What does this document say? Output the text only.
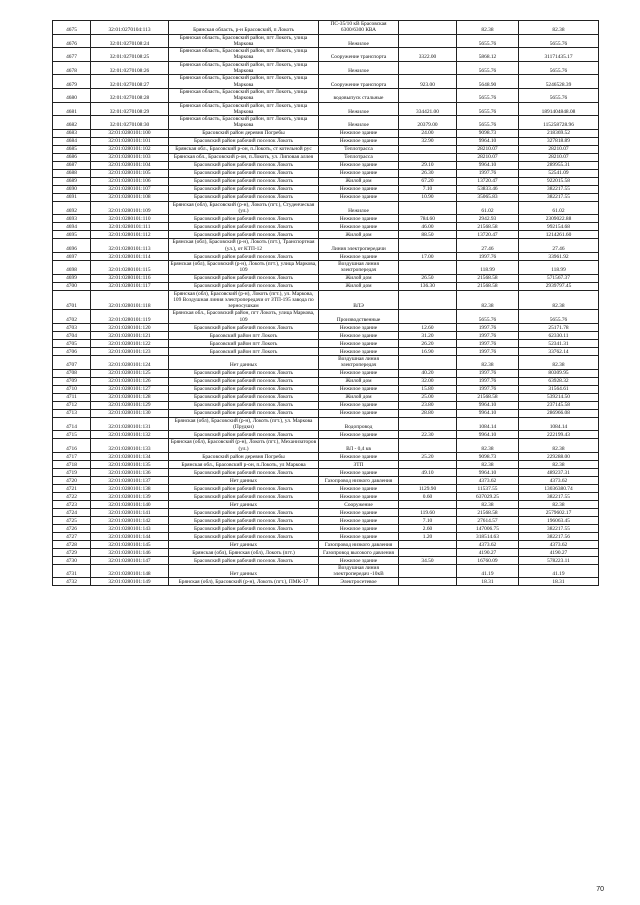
4675	32:01:0270104:113	Брянская область, р-н Брасовский, п Локоть	ПС-35/10 кВ Брасовская 6300/6300 КВА		82.38	82.38
4676	32:01:0270108:24	Брянская область, Брасовский район, пгт Локоть, улица Маркова	Нежилое		5655.76	5655.76
4677	32:01:0270108:25	Брянская область, Брасовский район, пгт Локоть, улица Маркова	Сооружение транспорта	3322.00	5868.12	31171435.17
4678	32:01:0270108:26	Брянская область, Брасовский район, пгт Локоть, улица Маркова	Нежилое		5655.76	5655.76
4679	32:01:0270108:27	Брянская область, Брасовский район, пгт Локоть, улица Маркова	Сооружение транспорта	923.00	5648.90	5246528.39
4680	32:01:0270108:28	Брянская область, Брасовский район, пгт Локоть, улица Маркова	водовыпуск стальные		5655.76	5655.76
4681	32:01:0270108:29	Брянская область, Брасовский район, пгт Локоть, улица Маркова	Нежилое	334421.00	5655.76	1891404848.08
4682	32:01:0270108:30	Брянская область, Брасовский район, пгт Локоть, улица Маркова	Нежилое	20379.00	5655.76	115258728.96
4683	32:01:0280101:100	Брасовский район деревня Погребы	Нежилое здание	24.00	9098.73	218369.52
4684	32:01:0280101:101	Брасовский район рабочий поселок Локоть	Нежилое здание	32.90	9964.10	327818.89
4685	32:01:0280101:102	Брянская обл., Брасовский р-он, п.Локоть, ст котельной рус	Теплотрасса		28210.07	28210.07
4686	32:01:0280101:103	Брянская обл., Брасовский р-он, п.Локоть, ул. Липовая аллея	Теплотрасса		28210.07	28210.07
4687	32:01:0280101:104	Брасовский район рабочий поселок Локоть	Нежилое здание	29.10	9964.10	289955.31
4688	32:01:0280101:105	Брасовский район рабочий поселок Локоть	Нежилое здание	26.30	1997.76	52541.09
4689	32:01:0280101:106	Брасовский район рабочий поселок Локоть	Жилой дом	67.20	13720.47	922015.58
4690	32:01:0280101:107	Брасовский район рабочий поселок Локоть	Нежилое здание	7.10	53833.46	382217.55
4691	32:01:0280101:108	Брасовский район рабочий поселок Локоть	Нежилое здание	10.90	35065.83	382217.55
4692	32:01:0280101:109	Брянская (обл), Брасовский (р-н), Локоть (пгт.), Студенческая (ул.)	Нежилое		61.02	61.02
4693	32:01:0280101:110	Брасовский район рабочий поселок Локоть	Нежилое здание	784.60	2942.93	2309022.88
4694	32:01:0280101:111	Брасовский район рабочий поселок Локоть	Нежилое здание	46.00	21568.58	992154.68
4695	32:01:0280101:112	Брасовский район рабочий поселок Локоть	Жилой дом	88.50	13720.47	1214261.60
4696	32:01:0280101:113	Брянская (обл), Брасовский (р-н), Локоть (пгт.), Транспортная (ул.), от КТП-12	Линия электропередачи		27.46	27.46
4697	32:01:0280101:114	Брасовский район рабочий поселок Локоть	Нежилое здание	17.00	1997.76	33961.92
4698	32:01:0280101:115	Брянская (обл), Брасовский (р-н), Локоть (пгт.), улица Маркова, 109	Воздушная линия электропередач		118.99	118.99
4699	32:01:0280101:116	Брасовский район рабочий поселок Локоть	Жилой дом	26.50	21568.58	571567.37
4700	32:01:0280101:117	Брасовский район рабочий поселок Локоть	Жилой дом	136.30	21568.58	2939797.45
4701	32:01:0280101:118	Брянская (обл), Брасовский (р-н), Локоть (пгт.), ул. Маркова, 109 Воздушная линия электропередачи от ЗТП-195 завода по зерносушкам	ВЛЭ		82.38	82.38
4702	32:01:0280101:119	Брянская обл., Брасовский район, пгт Локоть, улица Маркова, 109	Производственные		5655.76	5655.76
4703	32:01:0280101:120	Брасовский район рабочий поселок Локоть	Нежилое здание	12.60	1997.76	25171.78
4704	32:01:0280101:121	Брасовский район пгт Локоть	Нежилое здание	31.20	1997.76	62330.11
4705	32:01:0280101:122	Брасовский район пгт Локоть	Нежилое здание	26.20	1997.76	52341.31
4706	32:01:0280101:123	Брасовский район пгт Локоть	Нежилое здание	16.90	1997.76	33762.14
4707	32:01:0280101:124	Нет данных	Воздушная линия электропередач		82.38	82.38
4708	32:01:0280101:125	Брасовский район рабочий поселок Локоть	Нежилое здание	40.20	1997.76	80309.95
4709	32:01:0280101:126	Брасовский район рабочий поселок Локоть	Жилой дом	32.00	1997.76	63928.32
4710	32:01:0280101:127	Брасовский район рабочий поселок Локоть	Нежилое здание	15.80	1997.76	31564.61
4711	32:01:0280101:128	Брасовский район рабочий поселок Локоть	Жилой дом	25.00	21568.58	539214.50
4712	32:01:0280101:129	Брасовский район рабочий поселок Локоть	Нежилое здание	23.80	9964.10	237145.58
4713	32:01:0280101:130	Брасовский район рабочий поселок Локоть	Нежилое здание	28.80	9964.10	286966.08
4714	32:01:0280101:131	Брянская (обл), Брасовский (р-н), Локоть (пгт.), ул. Маркова (Прудки)	Водопровод		1084.14	1084.14
4715	32:01:0280101:132	Брасовский район рабочий поселок Локоть	Нежилое здание	22.30	9964.10	222199.43
4716	32:01:0280101:133	Брянская (обл), Брасовский (р-н), Локоть (пгт.), Механизаторов (ул.)	ВЛ - 0,4 кв		82.38	82.38
4717	32:01:0280101:134	Брасовский район деревня Погребы	Нежилое здание	25.20	9098.73	229288.00
4718	32:01:0280101:135	Брянская обл., Брасовский р-он, п.Локоть, ул Маркова	ЗТП		82.38	82.38
4719	32:01:0280101:136	Брасовский район рабочий поселок Локоть	Нежилое здание	49.10	9964.10	489237.31
4720	32:01:0280101:137	Нет данных	Газопровод низкого давления		4373.62	4373.62
4721	32:01:0280101:138	Брасовский район рабочий поселок Локоть	Нежилое здание	1129.90	11537.55	13036380.74
4722	32:01:0280101:139	Брасовский район рабочий поселок Локоть	Нежилое здание	0.60	637029.25	382217.55
4723	32:01:0280101:140	Нет данных	Сооружение		82.38	82.38
4724	32:01:0280101:141	Брасовский район рабочий поселок Локоть	Нежилое здание	119.60	21568.58	2579602.17
4725	32:01:0280101:142	Брасовский район рабочий поселок Локоть	Нежилое здание	7.10	27614.57	196063.45
4726	32:01:0280101:143	Брасовский район рабочий поселок Локоть	Нежилое здание	2.60	147006.75	382217.55
4727	32:01:0280101:144	Брасовский район рабочий поселок Локоть	Нежилое здание	1.20	318514.63	382217.56
4728	32:01:0280101:145	Нет данных	Газопровод низкого давления		4373.62	4373.62
4729	32:01:0280101:146	Брянская (обл), Брянская (обл), Локоть (пгт.)	Газопровод высокого давления		4190.27	4190.27
4730	32:01:0280101:147	Брасовский район рабочий поселок Локоть	Нежилое здание	34.50	16760.09	578223.11
4731	32:01:0280101:148	Нет данных	Воздушная линия электропередач -10кВ		41.19	41.19
4732	32:01:0280101:149	Брянская (обл), Брасовский (р-н), Локоть (пгт.), ПМК-17	Электросетевое		18.31	18.31
70
